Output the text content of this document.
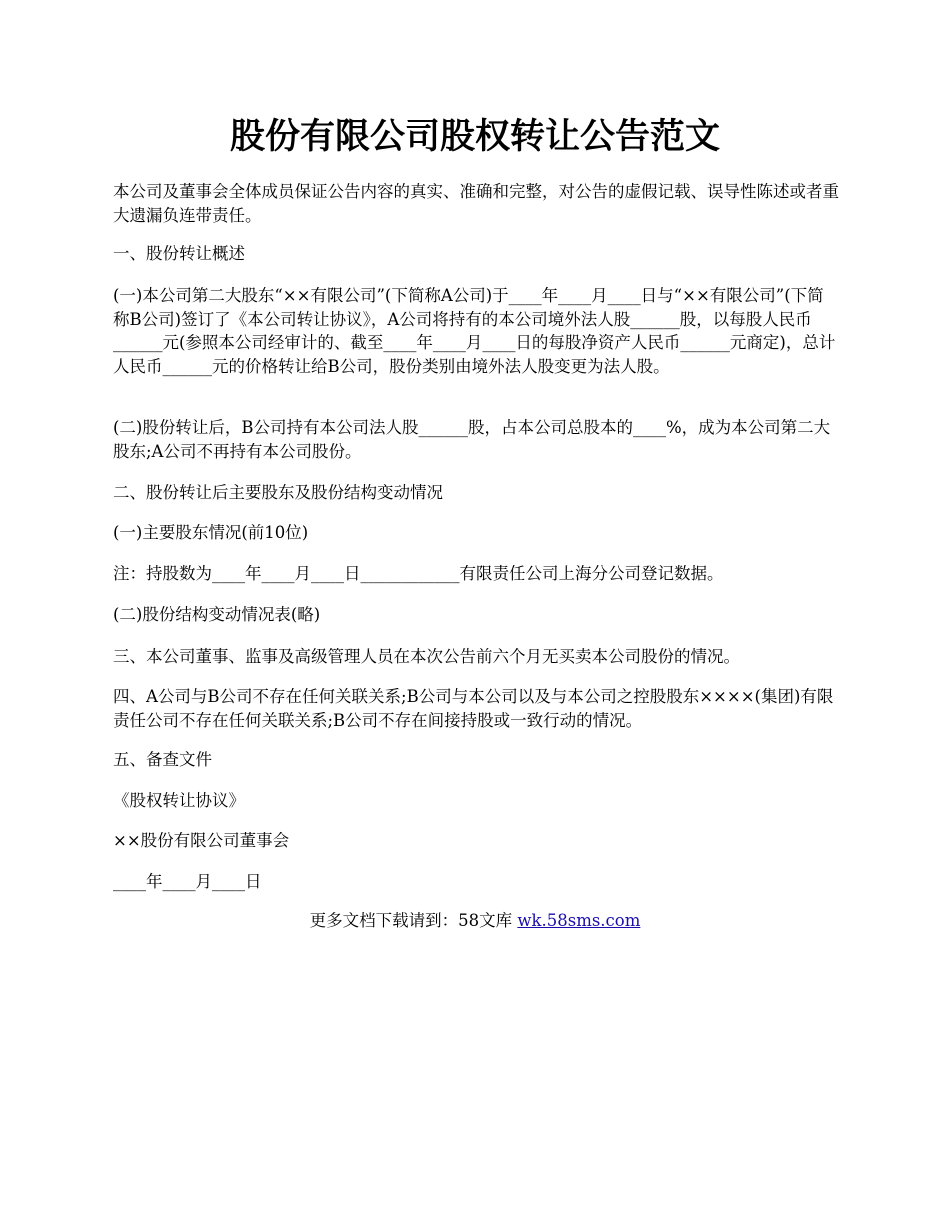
股份有限公司股权转让公告范文

本公司及董事会全体成员保证公告内容的真实、准确和完整，对公告的虚假记载、误导性陈述或者重大遗漏负连带责任。

一、股份转让概述

(一)本公司第二大股东“××有限公司”(下简称A公司)于____年____月____日与“××有限公司”(下简称B公司)签订了《本公司转让协议》，A公司将持有的本公司境外法人股______股，以每股人民币______元(参照本公司经审计的、截至____年____月____日的每股净资产人民币______元商定)，总计人民币______元的价格转让给B公司，股份类别由境外法人股变更为法人股。

(二)股份转让后，B公司持有本公司法人股______股，占本公司总股本的____%，成为本公司第二大股东;A公司不再持有本公司股份。

二、股份转让后主要股东及股份结构变动情况

(一)主要股东情况(前10位)

注：持股数为____年____月____日____________有限责任公司上海分公司登记数据。

(二)股份结构变动情况表(略)

三、本公司董事、监事及高级管理人员在本次公告前六个月无买卖本公司股份的情况。

四、A公司与B公司不存在任何关联关系;B公司与本公司以及与本公司之控股股东××××(集团)有限责任公司不存在任何关联关系;B公司不存在间接持股或一致行动的情况。

五、备查文件

《股权转让协议》

××股份有限公司董事会

____年____月____日

更多文档下载请到：58文库 wk.58sms.com
